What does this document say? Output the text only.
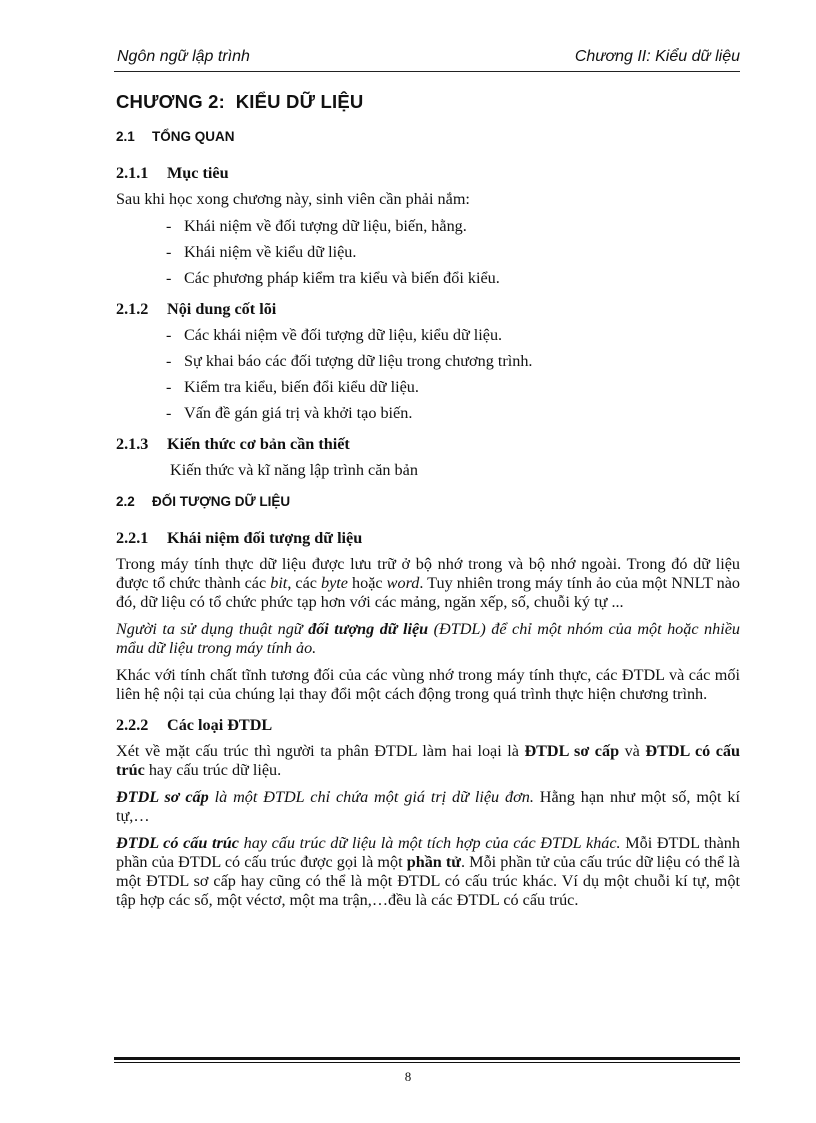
Ngôn ngữ lập trình	Chương II: Kiểu dữ liệu
CHƯƠNG 2: KIỂU DỮ LIỆU
2.1 TỔNG QUAN
2.1.1 Mục tiêu

Sau khi học xong chương này, sinh viên cần phải nắm:

- Khái niệm về đối tượng dữ liệu, biến, hằng.
- Khái niệm về kiểu dữ liệu.
- Các phương pháp kiểm tra kiểu và biến đổi kiểu.
2.1.2 Nội dung cốt lõi
- Các khái niệm về đối tượng dữ liệu, kiểu dữ liệu.
- Sự khai báo các đối tượng dữ liệu trong chương trình.
- Kiểm tra kiểu, biến đổi kiểu dữ liệu.
- Vấn đề gán giá trị và khởi tạo biến.
2.1.3 Kiến thức cơ bản cần thiết

Kiến thức và kĩ năng lập trình căn bản

2.2 ĐỐI TƯỢNG DỮ LIỆU
2.2.1 Khái niệm đối tượng dữ liệu

Trong máy tính thực dữ liệu được lưu trữ ở bộ nhớ trong và bộ nhớ ngoài. Trong đó dữ liệu được tổ chức thành các bit, các byte hoặc word. Tuy nhiên trong máy tính ảo của một NNLT nào đó, dữ liệu có tổ chức phức tạp hơn với các mảng, ngăn xếp, số, chuỗi ký tự ...

Người ta sử dụng thuật ngữ đối tượng dữ liệu (ĐTDL) để chỉ một nhóm của một hoặc nhiều mẩu dữ liệu trong máy tính ảo.

Khác với tính chất tĩnh tương đối của các vùng nhớ trong máy tính thực, các ĐTDL và các mối liên hệ nội tại của chúng lại thay đổi một cách động trong quá trình thực hiện chương trình.

2.2.2 Các loại ĐTDL

Xét về mặt cấu trúc thì người ta phân ĐTDL làm hai loại là ĐTDL sơ cấp và ĐTDL có cấu trúc hay cấu trúc dữ liệu.

ĐTDL sơ cấp là một ĐTDL chỉ chứa một giá trị dữ liệu đơn. Hằng hạn như một số, một kí tự,…

ĐTDL có cấu trúc hay cấu trúc dữ liệu là một tích hợp của các ĐTDL khác. Mỗi ĐTDL thành phần của ĐTDL có cấu trúc được gọi là một phần tử. Mỗi phần tử của cấu trúc dữ liệu có thể là một ĐTDL sơ cấp hay cũng có thể là một ĐTDL có cấu trúc khác. Ví dụ một chuỗi kí tự, một tập hợp các số, một véctơ, một ma trận,…đều là các ĐTDL có cấu trúc.

8
